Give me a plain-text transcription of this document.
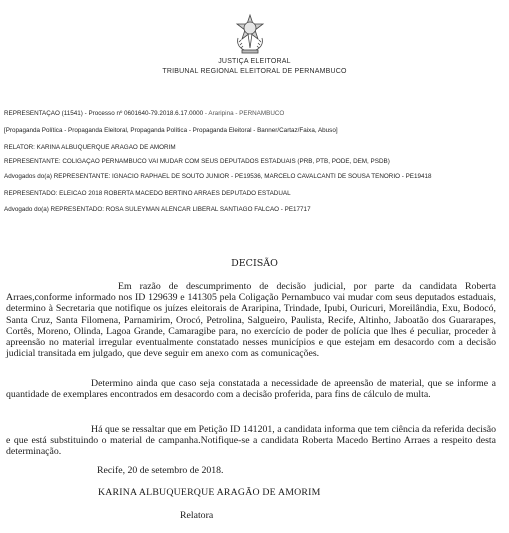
JUSTIÇA ELEITORAL
TRIBUNAL REGIONAL ELEITORAL DE PERNAMBUCO
REPRESENTAÇÃO (11541) - Processo nº 0601640-79.2018.6.17.0000 - Araripina - PERNAMBUCO
[Propaganda Política - Propaganda Eleitoral, Propaganda Política - Propaganda Eleitoral - Banner/Cartaz/Faixa, Abuso]
RELATOR: KARINA ALBUQUERQUE ARAGAO DE AMORIM
REPRESENTANTE: COLIGAÇÃO PERNAMBUCO VAI MUDAR COM SEUS DEPUTADOS ESTADUAIS (PRB, PTB, PODE, DEM, PSDB)
Advogados do(a) REPRESENTANTE: IGNACIO RAPHAEL DE SOUTO JUNIOR - PE19536, MARCELO CAVALCANTI DE SOUSA TENORIO - PE19418
REPRESENTADO: ELEICAO 2018 ROBERTA MACEDO BERTINO ARRAES DEPUTADO ESTADUAL
Advogado do(a) REPRESENTADO: ROSA SULEYMAN ALENCAR LIBERAL SANTIAGO FALCAO - PE17717
DECISÃO
Em razão de descumprimento de decisão judicial, por parte da candidata Roberta Arraes,conforme informado nos ID 129639 e 141305 pela Coligação Pernambuco vai mudar com seus deputados estaduais, determino à Secretaria que notifique os juízes eleitorais de Araripina, Trindade, Ipubi, Ouricuri, Moreilândia, Exu, Bodocó, Santa Cruz, Santa Filomena, Parnamirim, Orocó, Petrolina, Salgueiro, Paulista, Recife, Altinho, Jaboatão dos Guararapes, Cortês, Moreno, Olinda, Lagoa Grande, Camaragibe para, no exercício de poder de polícia que lhes é peculiar, proceder à apreensão no material irregular eventualmente constatado nesses municípios e que estejam em desacordo com a decisão judicial transitada em julgado, que deve seguir em anexo com as comunicações.
Determino ainda que caso seja constatada a necessidade de apreensão de material, que se informe a quantidade de exemplares encontrados em desacordo com a decisão proferida, para fins de cálculo de multa.
Há que se ressaltar que em Petição ID 141201, a candidata informa que tem ciência da referida decisão e que está substituindo o material de campanha.Notifique-se a candidata Roberta Macedo Bertino Arraes a respeito desta determinação.
Recife, 20 de setembro de 2018.
KARINA ALBUQUERQUE ARAGÃO DE AMORIM
Relatora
